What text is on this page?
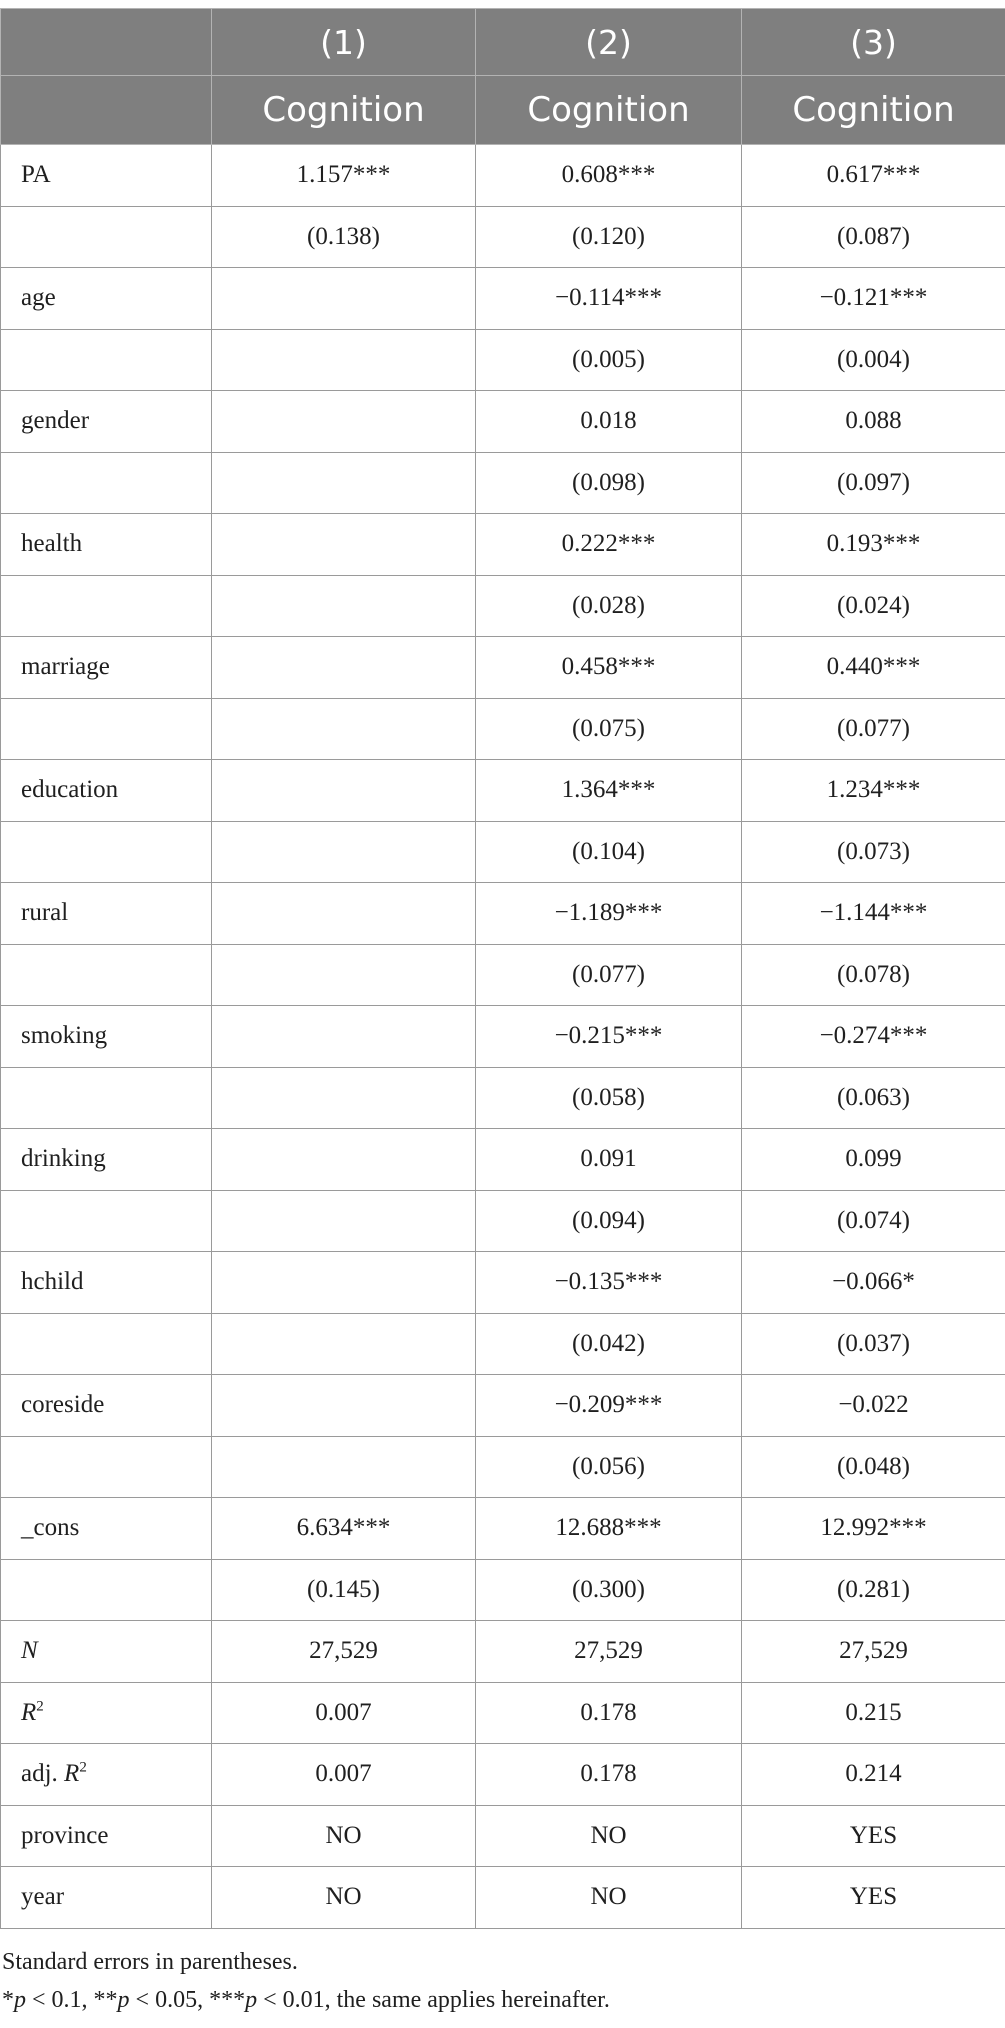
	(1)	(2)	(3)
	Cognition	Cognition	Cognition
PA	1.157***	0.608***	0.617***
	(0.138)	(0.120)	(0.087)
age		−0.114***	−0.121***
		(0.005)	(0.004)
gender		0.018	0.088
		(0.098)	(0.097)
health		0.222***	0.193***
		(0.028)	(0.024)
marriage		0.458***	0.440***
		(0.075)	(0.077)
education		1.364***	1.234***
		(0.104)	(0.073)
rural		−1.189***	−1.144***
		(0.077)	(0.078)
smoking		−0.215***	−0.274***
		(0.058)	(0.063)
drinking		0.091	0.099
		(0.094)	(0.074)
hchild		−0.135***	−0.066*
		(0.042)	(0.037)
coreside		−0.209***	−0.022
		(0.056)	(0.048)
_cons	6.634***	12.688***	12.992***
	(0.145)	(0.300)	(0.281)
N	27,529	27,529	27,529
$R^2$	0.007	0.178	0.215
adj. $R^2$	0.007	0.178	0.214
province	NO	NO	YES
year	NO	NO	YES
Standard errors in parentheses.
*p < 0.1, **p < 0.05, ***p < 0.01, the same applies hereinafter.
